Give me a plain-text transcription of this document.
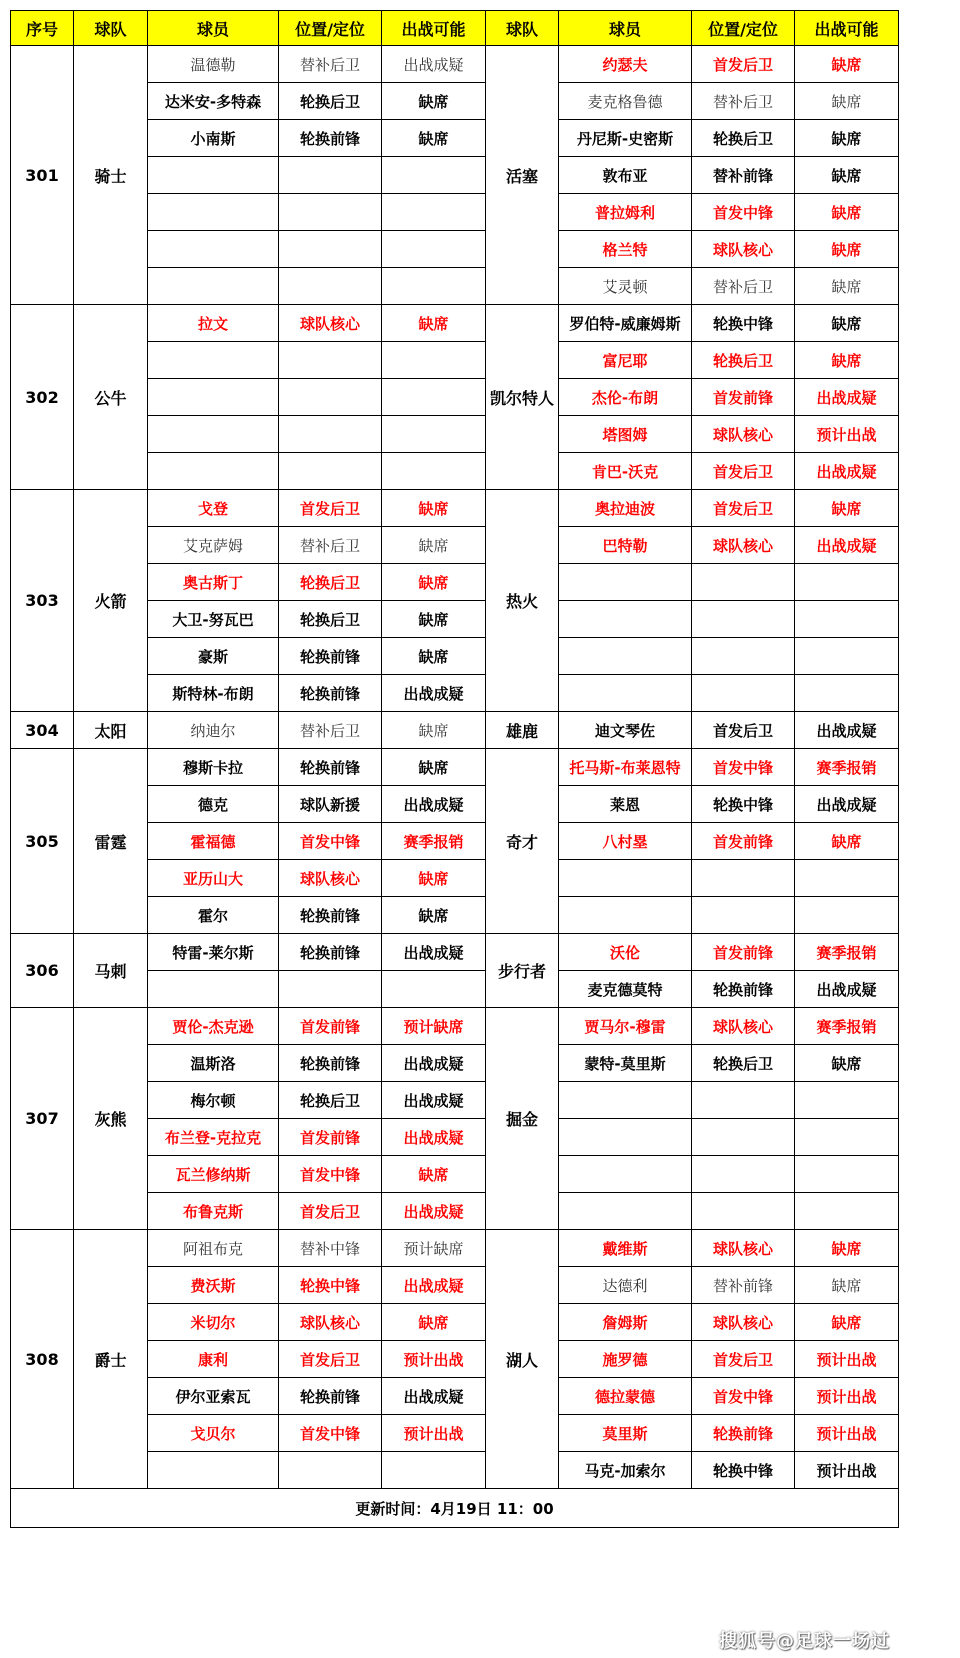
序号	球队	球员	位置/定位	出战可能	球队	球员	位置/定位	出战可能
301	骑士	温德勒	替补后卫	出战成疑	活塞	约瑟夫	首发后卫	缺席
		达米安-多特森	轮换后卫	缺席		麦克格鲁德	替补后卫	缺席
		小南斯	轮换前锋	缺席		丹尼斯-史密斯	轮换后卫	缺席
						敦布亚	替补前锋	缺席
						普拉姆利	首发中锋	缺席
						格兰特	球队核心	缺席
						艾灵顿	替补后卫	缺席
302	公牛	拉文	球队核心	缺席	凯尔特人	罗伯特-威廉姆斯	轮换中锋	缺席
						富尼耶	轮换后卫	缺席
						杰伦-布朗	首发前锋	出战成疑
						塔图姆	球队核心	预计出战
						肯巴-沃克	首发后卫	出战成疑
303	火箭	戈登	首发后卫	缺席	热火	奥拉迪波	首发后卫	缺席
		艾克萨姆	替补后卫	缺席		巴特勒	球队核心	出战成疑
		奥古斯丁	轮换后卫	缺席				
		大卫-努瓦巴	轮换后卫	缺席				
		豪斯	轮换前锋	缺席				
		斯特林-布朗	轮换前锋	出战成疑				
304	太阳	纳迪尔	替补后卫	缺席	雄鹿	迪文琴佐	首发后卫	出战成疑
305	雷霆	穆斯卡拉	轮换前锋	缺席	奇才	托马斯-布莱恩特	首发中锋	赛季报销
		德克	球队新援	出战成疑		莱恩	轮换中锋	出战成疑
		霍福德	首发中锋	赛季报销		八村塁	首发前锋	缺席
		亚历山大	球队核心	缺席				
		霍尔	轮换前锋	缺席				
306	马刺	特雷-莱尔斯	轮换前锋	出战成疑	步行者	沃伦	首发前锋	赛季报销
						麦克德莫特	轮换前锋	出战成疑
307	灰熊	贾伦-杰克逊	首发前锋	预计缺席	掘金	贾马尔-穆雷	球队核心	赛季报销
		温斯洛	轮换前锋	出战成疑		蒙特-莫里斯	轮换后卫	缺席
		梅尔顿	轮换后卫	出战成疑				
		布兰登-克拉克	首发前锋	出战成疑				
		瓦兰修纳斯	首发中锋	缺席				
		布鲁克斯	首发后卫	出战成疑				
308	爵士	阿祖布克	替补中锋	预计缺席	湖人	戴维斯	球队核心	缺席
		费沃斯	轮换中锋	出战成疑		达德利	替补前锋	缺席
		米切尔	球队核心	缺席		詹姆斯	球队核心	缺席
		康利	首发后卫	预计出战		施罗德	首发后卫	预计出战
		伊尔亚索瓦	轮换前锋	出战成疑		德拉蒙德	首发中锋	预计出战
		戈贝尔	首发中锋	预计出战		莫里斯	轮换前锋	预计出战
						马克-加索尔	轮换中锋	预计出战
更新时间：4月19日 11：00								
搜狐号@足球一场过
